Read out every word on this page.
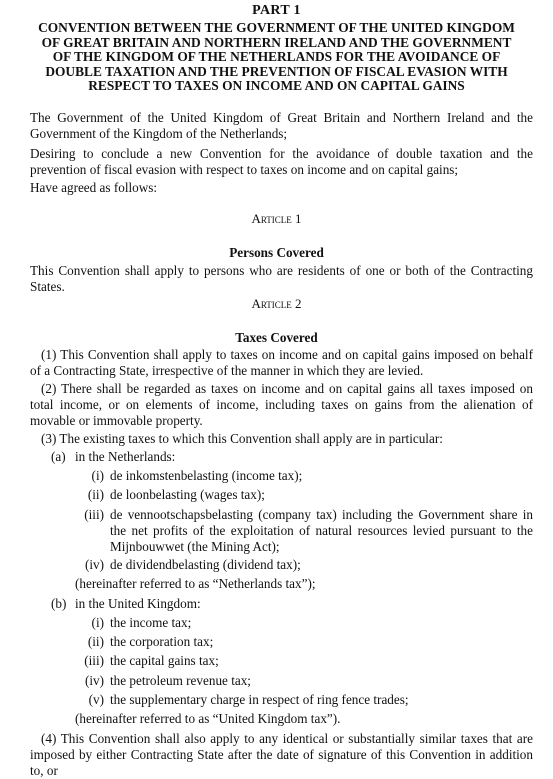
PART 1
CONVENTION BETWEEN THE GOVERNMENT OF THE UNITED KINGDOM
OF GREAT BRITAIN AND NORTHERN IRELAND AND THE GOVERNMENT
OF THE KINGDOM OF THE NETHERLANDS FOR THE AVOIDANCE OF
DOUBLE TAXATION AND THE PREVENTION OF FISCAL EVASION WITH
RESPECT TO TAXES ON INCOME AND ON CAPITAL GAINS
The Government of the United Kingdom of Great Britain and Northern Ireland and the Government of the Kingdom of the Netherlands;
Desiring to conclude a new Convention for the avoidance of double taxation and the prevention of fiscal evasion with respect to taxes on income and on capital gains;
Have agreed as follows:
Article 1
Persons Covered
This Convention shall apply to persons who are residents of one or both of the Contracting States.
Article 2
Taxes Covered
(1) This Convention shall apply to taxes on income and on capital gains imposed on behalf of a Contracting State, irrespective of the manner in which they are levied.
(2) There shall be regarded as taxes on income and on capital gains all taxes imposed on total income, or on elements of income, including taxes on gains from the alienation of movable or immovable property.
(3) The existing taxes to which this Convention shall apply are in particular:
(a) in the Netherlands:
(i) de inkomstenbelasting (income tax);
(ii) de loonbelasting (wages tax);
(iii) de vennootschapsbelasting (company tax) including the Government share in the net profits of the exploitation of natural resources levied pursuant to the Mijnbouwwet (the Mining Act);
(iv) de dividendbelasting (dividend tax);
(hereinafter referred to as “Netherlands tax”);
(b) in the United Kingdom:
(i) the income tax;
(ii) the corporation tax;
(iii) the capital gains tax;
(iv) the petroleum revenue tax;
(v) the supplementary charge in respect of ring fence trades;
(hereinafter referred to as “United Kingdom tax”).
(4) This Convention shall also apply to any identical or substantially similar taxes that are imposed by either Contracting State after the date of signature of this Convention in addition to, or
